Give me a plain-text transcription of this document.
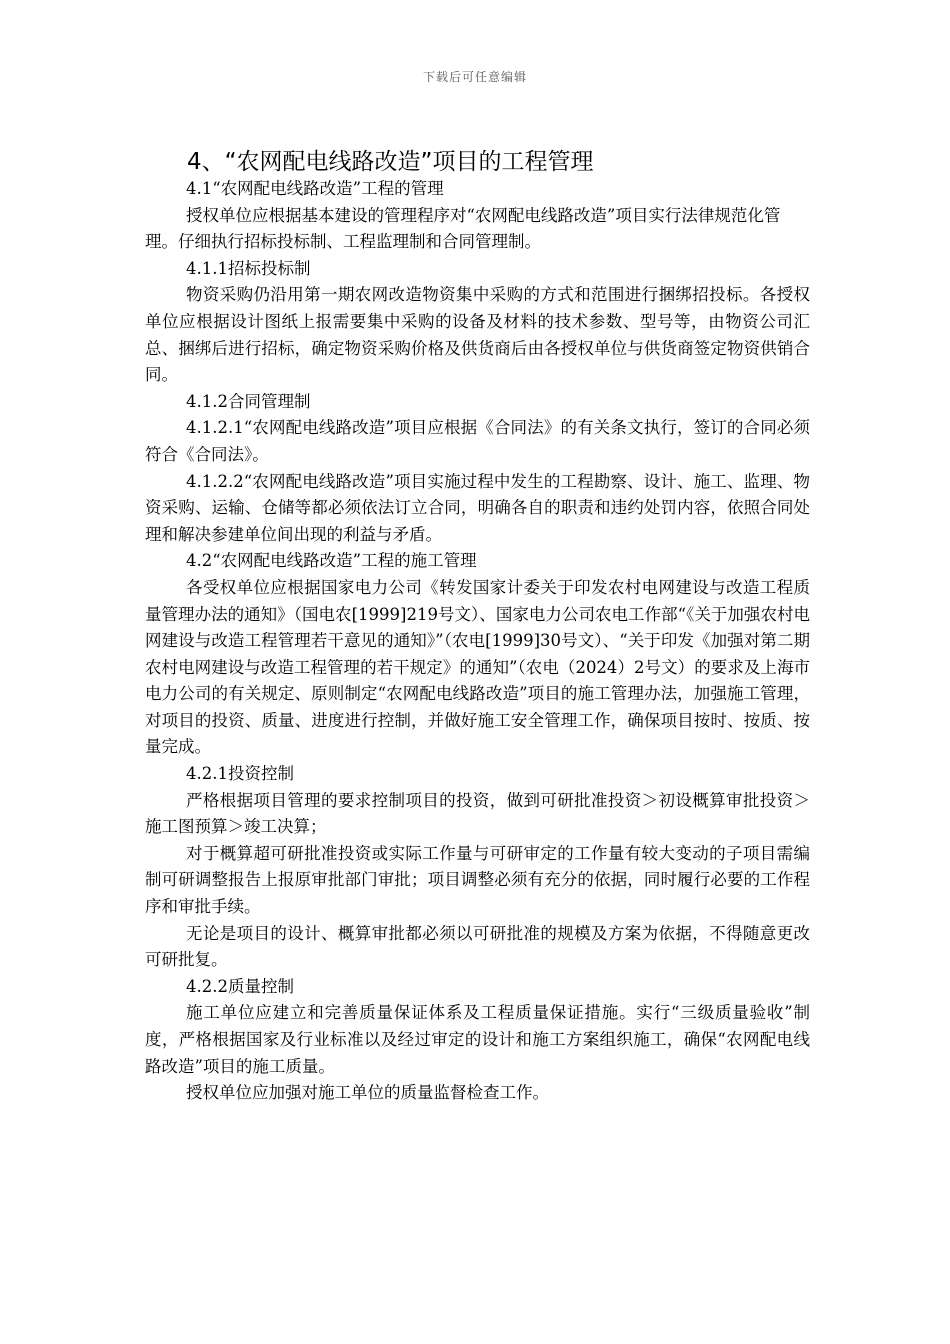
下载后可任意编辑
4、“农网配电线路改造”项目的工程管理

4.1“农网配电线路改造”工程的管理

授权单位应根据基本建设的管理程序对“农网配电线路改造”项目实行法律规范化管

理。仔细执行招标投标制、工程监理制和合同管理制。

4.1.1招标投标制

物资采购仍沿用第一期农网改造物资集中采购的方式和范围进行捆绑招投标。各授权单位应根据设计图纸上报需要集中采购的设备及材料的技术参数、型号等，由物资公司汇总、捆绑后进行招标，确定物资采购价格及供货商后由各授权单位与供货商签定物资供销合同。

4.1.2合同管理制

4.1.2.1“农网配电线路改造”项目应根据《合同法》的有关条文执行，签订的合同必须符合《合同法》。

4.1.2.2“农网配电线路改造”项目实施过程中发生的工程勘察、设计、施工、监理、物资采购、运输、仓储等都必须依法订立合同，明确各自的职责和违约处罚内容，依照合同处理和解决参建单位间出现的利益与矛盾。

4.2“农网配电线路改造”工程的施工管理

各受权单位应根据国家电力公司《转发国家计委关于印发农村电网建设与改造工程质量管理办法的通知》（国电农[1999]219号文）、国家电力公司农电工作部“《关于加强农村电网建设与改造工程管理若干意见的通知》”（农电[1999]30号文）、“关于印发《加强对第二期农村电网建设与改造工程管理的若干规定》的通知”（农电（2024）2号文）的要求及上海市电力公司的有关规定、原则制定“农网配电线路改造”项目的施工管理办法，加强施工管理，对项目的投资、质量、进度进行控制，并做好施工安全管理工作，确保项目按时、按质、按量完成。

4.2.1投资控制

严格根据项目管理的要求控制项目的投资，做到可研批准投资＞初设概算审批投资＞施工图预算＞竣工决算；

对于概算超可研批准投资或实际工作量与可研审定的工作量有较大变动的子项目需编制可研调整报告上报原审批部门审批；项目调整必须有充分的依据，同时履行必要的工作程序和审批手续。

无论是项目的设计、概算审批都必须以可研批准的规模及方案为依据，不得随意更改可研批复。

4.2.2质量控制

施工单位应建立和完善质量保证体系及工程质量保证措施。实行“三级质量验收”制度，严格根据国家及行业标准以及经过审定的设计和施工方案组织施工，确保“农网配电线路改造”项目的施工质量。

授权单位应加强对施工单位的质量监督检查工作。
